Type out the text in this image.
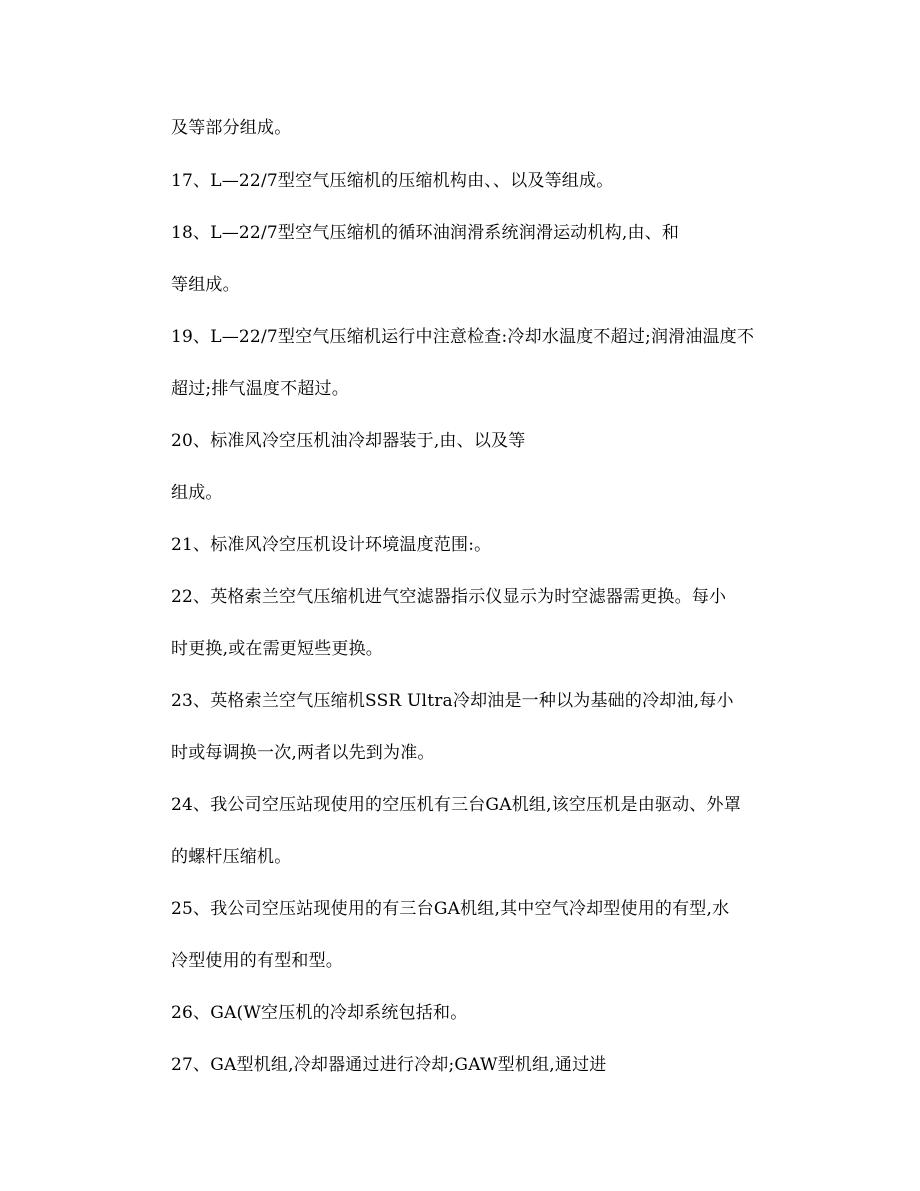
及等部分组成。
17、L—22/7型空气压缩机的压缩机构由、、以及等组成。
18、L—22/7型空气压缩机的循环油润滑系统润滑运动机构,由、和
等组成。
19、L—22/7型空气压缩机运行中注意检查:冷却水温度不超过;润滑油温度不
超过;排气温度不超过。
20、标准风冷空压机油冷却器装于,由、以及等
组成。
21、标准风冷空压机设计环境温度范围:。
22、英格索兰空气压缩机进气空滤器指示仪显示为时空滤器需更换。每小
时更换,或在需更短些更换。
23、英格索兰空气压缩机SSR Ultra冷却油是一种以为基础的冷却油,每小
时或每调换一次,两者以先到为准。
24、我公司空压站现使用的空压机有三台GA机组,该空压机是由驱动、外罩
的螺杆压缩机。
25、我公司空压站现使用的有三台GA机组,其中空气冷却型使用的有型,水
冷型使用的有型和型。
26、GA(W空压机的冷却系统包括和。
27、GA型机组,冷却器通过进行冷却;GAW型机组,通过进
